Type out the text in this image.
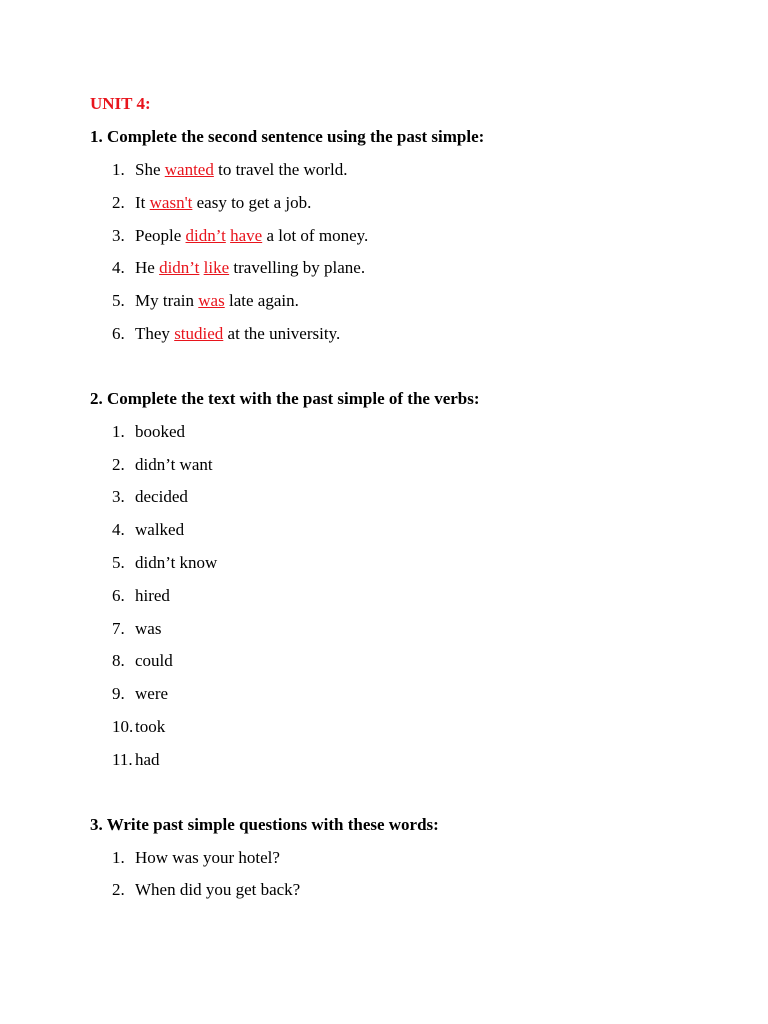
UNIT 4:
1. Complete the second sentence using the past simple:
1. She wanted to travel the world.
2. It wasn't easy to get a job.
3. People didn’t have a lot of money.
4. He didn’t like travelling by plane.
5. My train was late again.
6. They studied at the university.
2. Complete the text with the past simple of the verbs:
1. booked
2. didn’t want
3. decided
4. walked
5. didn’t know
6. hired
7. was
8. could
9. were
10. took
11. had
3. Write past simple questions with these words:
1. How was your hotel?
2. When did you get back?
